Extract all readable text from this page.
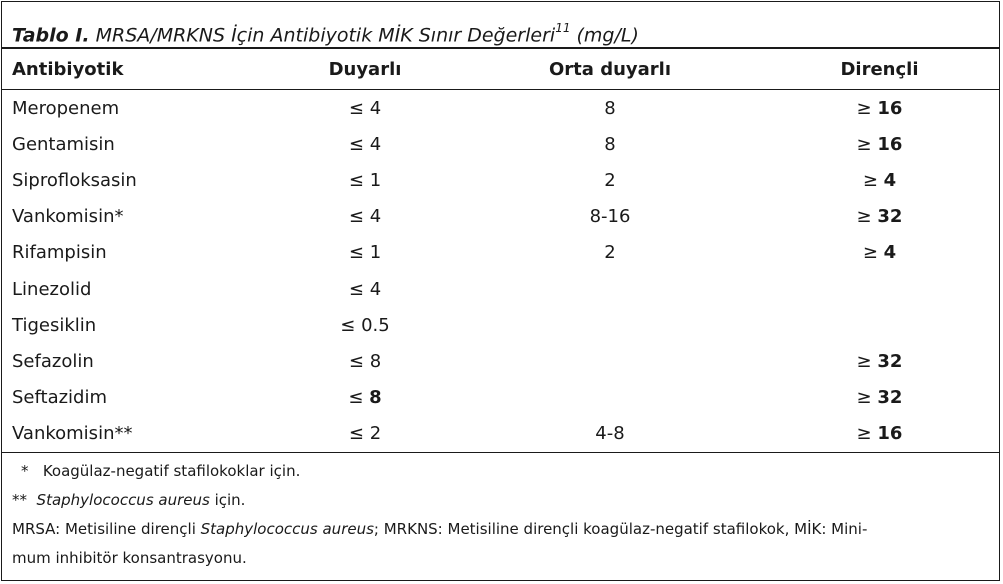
Tablo I. MRSA/MRKNS İçin Antibiyotik MİK Sınır Değerleri$^{11}$ (mg/L)
Antibiyotik	Duyarlı	Orta duyarlı	Dirençli
Meropenem	≤ 4	8	≥ 16
Gentamisin	≤ 4	8	≥ 16
Siprofloksasin	≤ 1	2	≥ 4
Vankomisin*	≤ 4	8-16	≥ 32
Rifampisin	≤ 1	2	≥ 4
Linezolid	≤ 4		
Tigesiklin	≤ 0.5		
Sefazolin	≤ 8		≥ 32
Seftazidim	≤ 8		≥ 32
Vankomisin**	≤ 2	4-8	≥ 16
* Koagülaz-negatif stafilokoklar için.
** Staphylococcus aureus için.
MRSA: Metisiline dirençli Staphylococcus aureus; MRKNS: Metisiline dirençli koagülaz-negatif stafilokok, MİK: Mini-
mum inhibitör konsantrasyonu.
